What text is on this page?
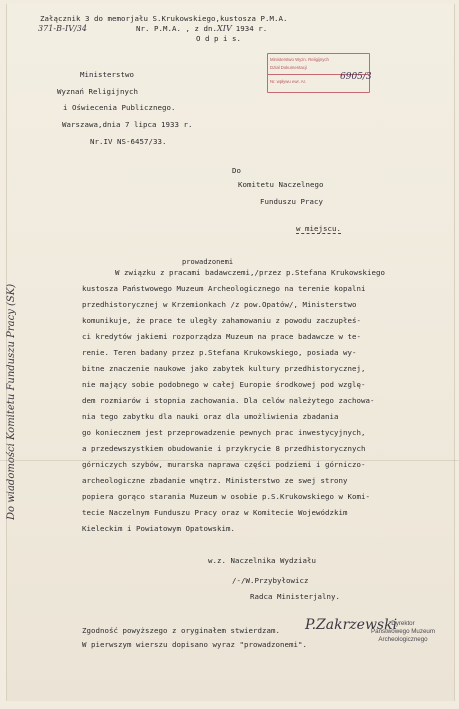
Załącznik 3 do memorjału S.Krukowskiego,kustosza P.M.A.
Nr. P.M.A. , z dn.XIV 1934 r.
371-B-IV/34
O d p i s.
Ministerstwo Wyzn. Religijnych
Dział Dokumentacji
Nr. wpływu ewr. Ar.	6905/3
Ministerstwo
Wyznań Religijnych
i Oświecenia Publicznego.
Warszawa,dnia 7 lipca 1933 r.
Nr.IV NS-6457/33.
Do
Komitetu Naczelnego
Funduszu Pracy
w miejscu.
prowadzonemi
W związku z pracami badawczemi,/przez p.Stefana Krukowskiego
kustosza Państwowego Muzeum Archeologicznego na terenie kopalni
przedhistorycznej w Krzemionkach /z pow.Opatów/, Ministerstwo
komunikuje, że prace te uległy zahamowaniu z powodu zaczupłeś-
ci kredytów jakiemi rozporządza Muzeum na prace badawcze w te-
renie. Teren badany przez p.Stefana Krukowskiego, posiada wy-
bitne znaczenie naukowe jako zabytek kultury przedhistorycznej,
nie mający sobie podobnego w całej Europie środkowej pod wzglę-
dem rozmiarów i stopnia zachowania. Dla celów należytego zachowa-
nia tego zabytku dla nauki oraz dla umożliwienia zbadania
go koniecznem jest przeprowadzenie pewnych prac inwestycyjnych,
a przedewszystkiem obudowanie i przykrycie 8 przedhistorycznych
górniczych szybów, murarska naprawa części podziemi i górniczo-
archeologiczne zbadanie wnętrz. Ministerstwo ze swej strony
popiera gorąco starania Muzeum w osobie p.S.Krukowskiego w Komi-
tecie Naczelnym Funduszu Pracy oraz w Komitecie Wojewódzkim
Kieleckim i Powiatowym Opatowskim.
w.z. Naczelnika Wydziału
/-/W.Przybyłowicz
Radca Ministerjalny.
Zgodność powyższego z oryginałem stwierdzam.
W pierwszym wierszu dopisano wyraz "prowadzonemi".
P.Zakrzewski
Dyrektor
Państwowego Muzeum
Archeologicznego
Do wiadomości Komitetu Funduszu Pracy (SK)
